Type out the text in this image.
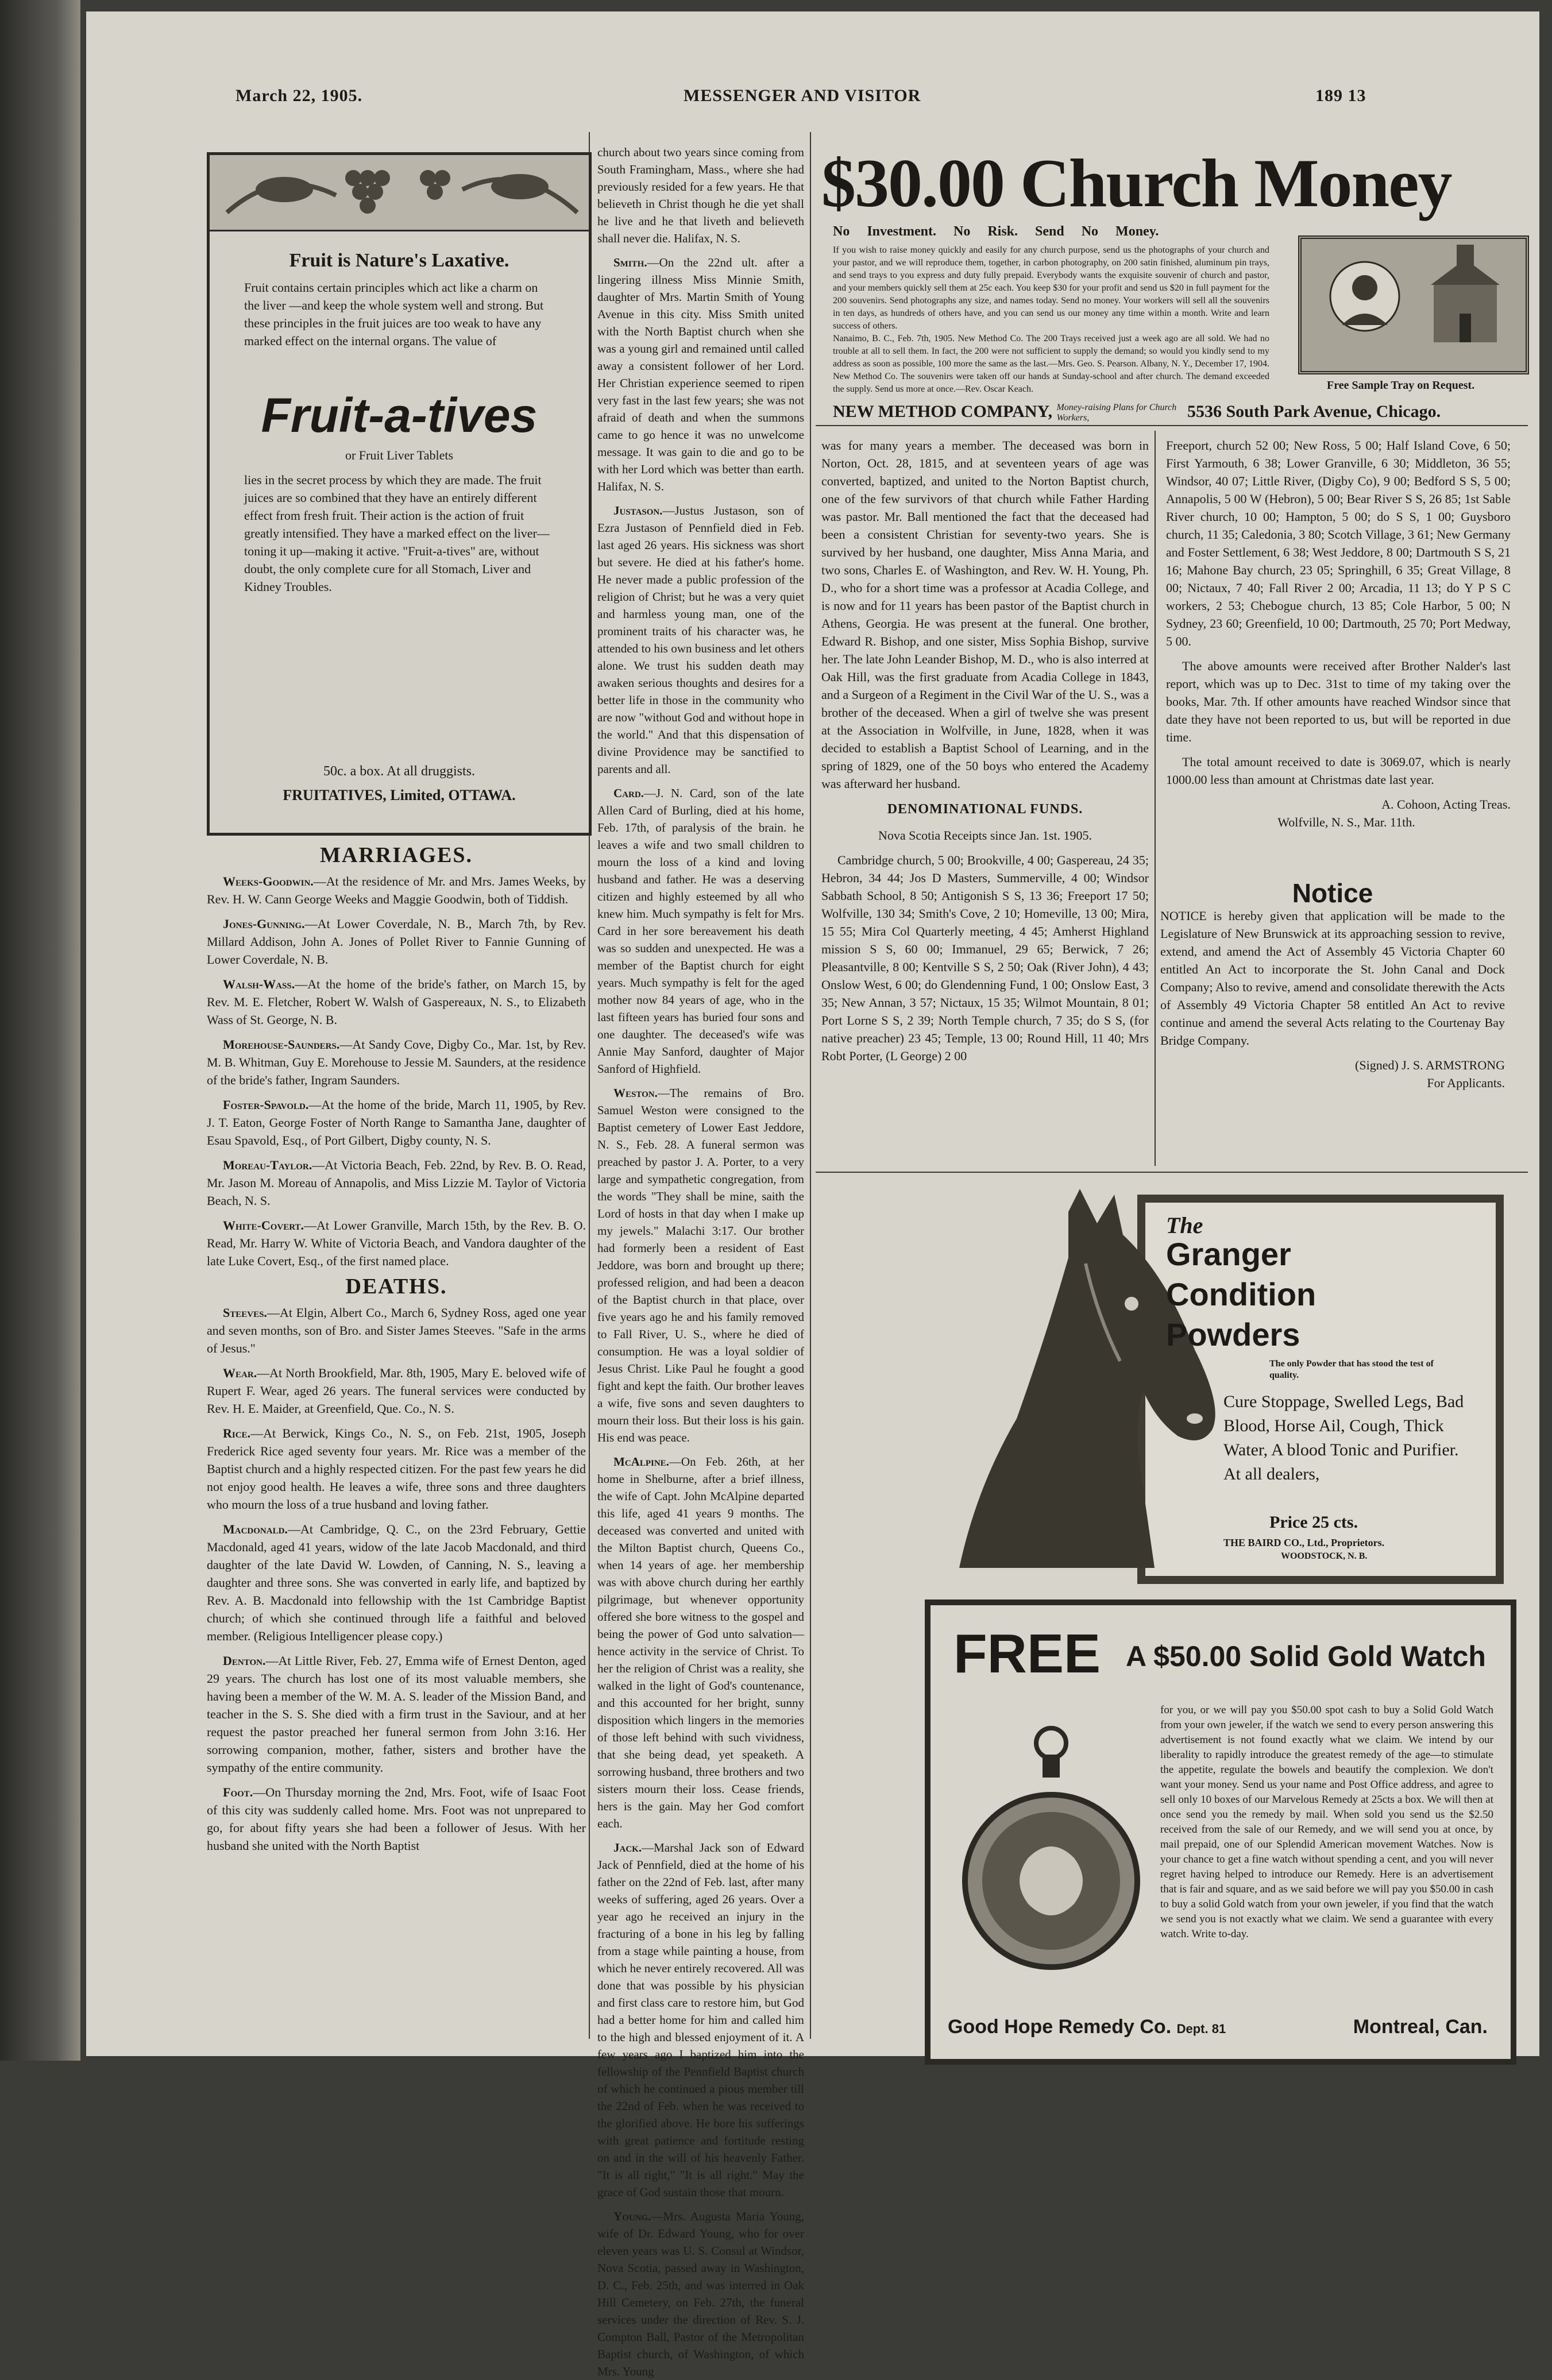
March 22, 1905.	MESSENGER AND VISITOR	189 13
Fruit is Nature's Laxative.
Fruit contains certain principles which act like a charm on the liver —and keep the whole system well and strong. But these principles in the fruit juices are too weak to have any marked effect on the internal organs. The value of
Fruit-a-tives
or Fruit Liver Tablets
lies in the secret process by which they are made. The fruit juices are so combined that they have an entirely different effect from fresh fruit. Their action is the action of fruit greatly intensified. They have a marked effect on the liver—toning it up—making it active. "Fruit-a-tives" are, without doubt, the only complete cure for all Stomach, Liver and Kidney Troubles.
50c. a box. At all druggists.
FRUITATIVES, Limited, OTTAWA.
MARRIAGES.

Weeks-Goodwin.—At the residence of Mr. and Mrs. James Weeks, by Rev. H. W. Cann George Weeks and Maggie Goodwin, both of Tiddish.

Jones-Gunning.—At Lower Coverdale, N. B., March 7th, by Rev. Millard Addison, John A. Jones of Pollet River to Fannie Gunning of Lower Coverdale, N. B.

Walsh-Wass.—At the home of the bride's father, on March 15, by Rev. M. E. Fletcher, Robert W. Walsh of Gaspereaux, N. S., to Elizabeth Wass of St. George, N. B.

Morehouse-Saunders.—At Sandy Cove, Digby Co., Mar. 1st, by Rev. M. B. Whitman, Guy E. Morehouse to Jessie M. Saunders, at the residence of the bride's father, Ingram Saunders.

Foster-Spavold.—At the home of the bride, March 11, 1905, by Rev. J. T. Eaton, George Foster of North Range to Samantha Jane, daughter of Esau Spavold, Esq., of Port Gilbert, Digby county, N. S.

Moreau-Taylor.—At Victoria Beach, Feb. 22nd, by Rev. B. O. Read, Mr. Jason M. Moreau of Annapolis, and Miss Lizzie M. Taylor of Victoria Beach, N. S.

White-Covert.—At Lower Granville, March 15th, by the Rev. B. O. Read, Mr. Harry W. White of Victoria Beach, and Vandora daughter of the late Luke Covert, Esq., of the first named place.

DEATHS.

Steeves.—At Elgin, Albert Co., March 6, Sydney Ross, aged one year and seven months, son of Bro. and Sister James Steeves. "Safe in the arms of Jesus."

Wear.—At North Brookfield, Mar. 8th, 1905, Mary E. beloved wife of Rupert F. Wear, aged 26 years. The funeral services were conducted by Rev. H. E. Maider, at Greenfield, Que. Co., N. S.

Rice.—At Berwick, Kings Co., N. S., on Feb. 21st, 1905, Joseph Frederick Rice aged seventy four years. Mr. Rice was a member of the Baptist church and a highly respected citizen. For the past few years he did not enjoy good health. He leaves a wife, three sons and three daughters who mourn the loss of a true husband and loving father.

Macdonald.—At Cambridge, Q. C., on the 23rd February, Gettie Macdonald, aged 41 years, widow of the late Jacob Macdonald, and third daughter of the late David W. Lowden, of Canning, N. S., leaving a daughter and three sons. She was converted in early life, and baptized by Rev. A. B. Macdonald into fellowship with the 1st Cambridge Baptist church; of which she continued through life a faithful and beloved member. (Religious Intelligencer please copy.)

Denton.—At Little River, Feb. 27, Emma wife of Ernest Denton, aged 29 years. The church has lost one of its most valuable members, she having been a member of the W. M. A. S. leader of the Mission Band, and teacher in the S. S. She died with a firm trust in the Saviour, and at her request the pastor preached her funeral sermon from John 3:16. Her sorrowing companion, mother, father, sisters and brother have the sympathy of the entire community.

Foot.—On Thursday morning the 2nd, Mrs. Foot, wife of Isaac Foot of this city was suddenly called home. Mrs. Foot was not unprepared to go, for about fifty years she had been a follower of Jesus. With her husband she united with the North Baptist

church about two years since coming from South Framingham, Mass., where she had previously resided for a few years. He that believeth in Christ though he die yet shall he live and he that liveth and believeth shall never die. Halifax, N. S.

Smith.—On the 22nd ult. after a lingering illness Miss Minnie Smith, daughter of Mrs. Martin Smith of Young Avenue in this city. Miss Smith united with the North Baptist church when she was a young girl and remained until called away a consistent follower of her Lord. Her Christian experience seemed to ripen very fast in the last few years; she was not afraid of death and when the summons came to go hence it was no unwelcome message. It was gain to die and go to be with her Lord which was better than earth. Halifax, N. S.

Justason.—Justus Justason, son of Ezra Justason of Pennfield died in Feb. last aged 26 years. His sickness was short but severe. He died at his father's home. He never made a public profession of the religion of Christ; but he was a very quiet and harmless young man, one of the prominent traits of his character was, he attended to his own business and let others alone. We trust his sudden death may awaken serious thoughts and desires for a better life in those in the community who are now "without God and without hope in the world." And that this dispensation of divine Providence may be sanctified to parents and all.

Card.—J. N. Card, son of the late Allen Card of Burling, died at his home, Feb. 17th, of paralysis of the brain. he leaves a wife and two small children to mourn the loss of a kind and loving husband and father. He was a deserving citizen and highly esteemed by all who knew him. Much sympathy is felt for Mrs. Card in her sore bereavement his death was so sudden and unexpected. He was a member of the Baptist church for eight years. Much sympathy is felt for the aged mother now 84 years of age, who in the last fifteen years has buried four sons and one daughter. The deceased's wife was Annie May Sanford, daughter of Major Sanford of Highfield.

Weston.—The remains of Bro. Samuel Weston were consigned to the Baptist cemetery of Lower East Jeddore, N. S., Feb. 28. A funeral sermon was preached by pastor J. A. Porter, to a very large and sympathetic congregation, from the words "They shall be mine, saith the Lord of hosts in that day when I make up my jewels." Malachi 3:17. Our brother had formerly been a resident of East Jeddore, was born and brought up there; professed religion, and had been a deacon of the Baptist church in that place, over five years ago he and his family removed to Fall River, U. S., where he died of consumption. He was a loyal soldier of Jesus Christ. Like Paul he fought a good fight and kept the faith. Our brother leaves a wife, five sons and seven daughters to mourn their loss. But their loss is his gain. His end was peace.

McAlpine.—On Feb. 26th, at her home in Shelburne, after a brief illness, the wife of Capt. John McAlpine departed this life, aged 41 years 9 months. The deceased was converted and united with the Milton Baptist church, Queens Co., when 14 years of age. her membership was with above church during her earthly pilgrimage, but whenever opportunity offered she bore witness to the gospel and being the power of God unto salvation—hence activity in the service of Christ. To her the religion of Christ was a reality, she walked in the light of God's countenance, and this accounted for her bright, sunny disposition which lingers in the memories of those left behind with such vividness, that she being dead, yet speaketh. A sorrowing husband, three brothers and two sisters mourn their loss. Cease friends, hers is the gain. May her God comfort each.

Jack.—Marshal Jack son of Edward Jack of Pennfield, died at the home of his father on the 22nd of Feb. last, after many weeks of suffering, aged 26 years. Over a year ago he received an injury in the fracturing of a bone in his leg by falling from a stage while painting a house, from which he never entirely recovered. All was done that was possible by his physician and first class care to restore him, but God had a better home for him and called him to the high and blessed enjoyment of it. A few years ago I baptized him into the fellowship of the Pennfield Baptist church of which he continued a pious member till the 22nd of Feb. when he was received to the glorified above. He bore his sufferings with great patience and fortitude resting on and in the will of his heavenly Father. "It is all right," "It is all right." May the grace of God sustain those that mourn.

Young.—Mrs. Augusta Maria Young, wife of Dr. Edward Young, who for over eleven years was U. S. Consul at Windsor, Nova Scotia, passed away in Washington, D. C., Feb. 25th, and was interred in Oak Hill Cemetery, on Feb. 27th, the funeral services under the direction of Rev. S. J. Compton Ball, Pastor of the Metropolitan Baptist church, of Washington, of which Mrs. Young

$30.00 Church Money
No Investment. No Risk. Send No Money.
If you wish to raise money quickly and easily for any church purpose, send us the photographs of your church and your pastor, and we will reproduce them, together, in carbon photography, on 200 satin finished, aluminum pin trays, and send trays to you express and duty fully prepaid. Everybody wants the exquisite souvenir of church and pastor, and your members quickly sell them at 25c each. You keep $30 for your profit and send us $20 in full payment for the 200 souvenirs. Send photographs any size, and names today. Send no money. Your workers will sell all the souvenirs in ten days, as hundreds of others have, and you can send us our money any time within a month. Write and learn success of others.
Nanaimo, B. C., Feb. 7th, 1905. New Method Co. The 200 Trays received just a week ago are all sold. We had no trouble at all to sell them. In fact, the 200 were not sufficient to supply the demand; so would you kindly send to my address as soon as possible, 100 more the same as the last.—Mrs. Geo. S. Pearson. Albany, N. Y., December 17, 1904. New Method Co. The souvenirs were taken off our hands at Sunday-school and after church. The demand exceeded the supply. Send us more at once.—Rev. Oscar Keach.	Free Sample Tray on Request.
NEW METHOD COMPANY, Money-raising Plans for Church Workers,	5536 South Park Avenue, Chicago.

was for many years a member. The deceased was born in Norton, Oct. 28, 1815, and at seventeen years of age was converted, baptized, and united to the Norton Baptist church, one of the few survivors of that church while Father Harding was pastor. Mr. Ball mentioned the fact that the deceased had been a consistent Christian for seventy-two years. She is survived by her husband, one daughter, Miss Anna Maria, and two sons, Charles E. of Washington, and Rev. W. H. Young, Ph. D., who for a short time was a professor at Acadia College, and is now and for 11 years has been pastor of the Baptist church in Athens, Georgia. He was present at the funeral. One brother, Edward R. Bishop, and one sister, Miss Sophia Bishop, survive her. The late John Leander Bishop, M. D., who is also interred at Oak Hill, was the first graduate from Acadia College in 1843, and a Surgeon of a Regiment in the Civil War of the U. S., was a brother of the deceased. When a girl of twelve she was present at the Association in Wolfville, in June, 1828, when it was decided to establish a Baptist School of Learning, and in the spring of 1829, one of the 50 boys who entered the Academy was afterward her husband.

DENOMINATIONAL FUNDS.

Nova Scotia Receipts since Jan. 1st. 1905.

Cambridge church, 5 00; Brookville, 4 00; Gaspereau, 24 35; Hebron, 34 44; Jos D Masters, Summerville, 4 00; Windsor Sabbath School, 8 50; Antigonish S S, 13 36; Freeport 17 50; Wolfville, 130 34; Smith's Cove, 2 10; Homeville, 13 00; Mira, 15 55; Mira Col Quarterly meeting, 4 45; Amherst Highland mission S S, 60 00; Immanuel, 29 65; Berwick, 7 26; Pleasantville, 8 00; Kentville S S, 2 50; Oak (River John), 4 43; Onslow West, 6 00; do Glendenning Fund, 1 00; Onslow East, 3 35; New Annan, 3 57; Nictaux, 15 35; Wilmot Mountain, 8 01; Port Lorne S S, 2 39; North Temple church, 7 35; do S S, (for native preacher) 23 45; Temple, 13 00; Round Hill, 11 40; Mrs Robt Porter, (L George) 2 00

Freeport, church 52 00; New Ross, 5 00; Half Island Cove, 6 50; First Yarmouth, 6 38; Lower Granville, 6 30; Middleton, 36 55; Windsor, 40 07; Little River, (Digby Co), 9 00; Bedford S S, 5 00; Annapolis, 5 00 W (Hebron), 5 00; Bear River S S, 26 85; 1st Sable River church, 10 00; Hampton, 5 00; do S S, 1 00; Guysboro church, 11 35; Caledonia, 3 80; Scotch Village, 3 61; New Germany and Foster Settlement, 6 38; West Jeddore, 8 00; Dartmouth S S, 21 16; Mahone Bay church, 23 05; Springhill, 6 35; Great Village, 8 00; Nictaux, 7 40; Fall River 2 00; Arcadia, 11 13; do Y P S C workers, 2 53; Chebogue church, 13 85; Cole Harbor, 5 00; N Sydney, 23 60; Greenfield, 10 00; Dartmouth, 25 70; Port Medway, 5 00.

The above amounts were received after Brother Nalder's last report, which was up to Dec. 31st to time of my taking over the books, Mar. 7th. If other amounts have reached Windsor since that date they have not been reported to us, but will be reported in due time.

The total amount received to date is 3069.07, which is nearly 1000.00 less than amount at Christmas date last year.

A. Cohoon, Acting Treas.

Wolfville, N. S., Mar. 11th.

Notice

NOTICE is hereby given that application will be made to the Legislature of New Brunswick at its approaching session to revive, extend, and amend the Act of Assembly 45 Victoria Chapter 60 entitled An Act to incorporate the St. John Canal and Dock Company; Also to revive, amend and consolidate therewith the Acts of Assembly 49 Victoria Chapter 58 entitled An Act to revive continue and amend the several Acts relating to the Courtenay Bay Bridge Company.

(Signed) J. S. ARMSTRONG

For Applicants.

The
Granger
Condition
Powders
The only Powder that has stood the test of quality.
Cure Stoppage, Swelled Legs, Bad Blood, Horse Ail, Cough, Thick Water, A blood Tonic and Purifier. At all dealers,
Price 25 cts.
THE BAIRD CO., Ltd., Proprietors.
WOODSTOCK, N. B.
FREE A $50.00 Solid Gold Watch
for you, or we will pay you $50.00 spot cash to buy a Solid Gold Watch from your own jeweler, if the watch we send to every person answering this advertisement is not found exactly what we claim. We intend by our liberality to rapidly introduce the greatest remedy of the age—to stimulate the appetite, regulate the bowels and beautify the complexion. We don't want your money. Send us your name and Post Office address, and agree to sell only 10 boxes of our Marvelous Remedy at 25cts a box. We will then at once send you the remedy by mail. When sold you send us the $2.50 received from the sale of our Remedy, and we will send you at once, by mail prepaid, one of our Splendid American movement Watches. Now is your chance to get a fine watch without spending a cent, and you will never regret having helped to introduce our Remedy. Here is an advertisement that is fair and square, and as we said before we will pay you $50.00 in cash to buy a solid Gold watch from your own jeweler, if you find that the watch we send you is not exactly what we claim. We send a guarantee with every watch. Write to-day.
Good Hope Remedy Co. Dept. 81	Montreal, Can.
